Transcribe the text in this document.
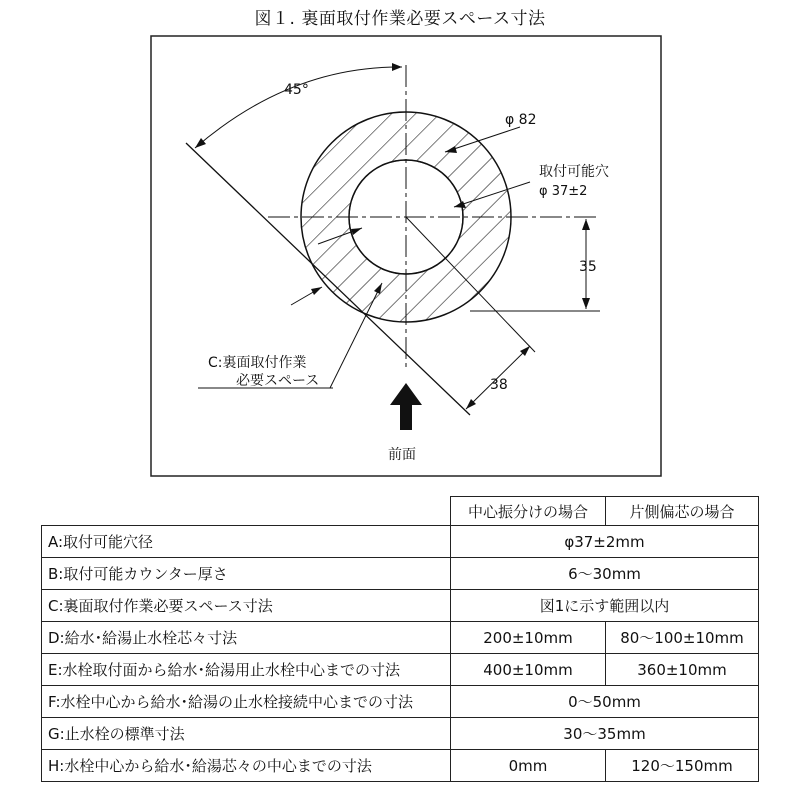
図１. 裏面取付作業必要スペース寸法
45°
φ 82
取付可能穴
φ 37±2
35
38
C:裏面取付作業
必要スペース
前面
	中心振分けの場合	片側偏芯の場合
A:取付可能穴径	φ37±2mm	
B:取付可能カウンター厚さ	6〜30mm	
C:裏面取付作業必要スペース寸法	図1に示す範囲以内	
D:給水･給湯止水栓芯々寸法	200±10mm	80〜100±10mm
E:水栓取付面から給水･給湯用止水栓中心までの寸法	400±10mm	360±10mm
F:水栓中心から給水･給湯の止水栓接続中心までの寸法	0〜50mm	
G:止水栓の標準寸法	30〜35mm	
H:水栓中心から給水･給湯芯々の中心までの寸法	0mm	120〜150mm
